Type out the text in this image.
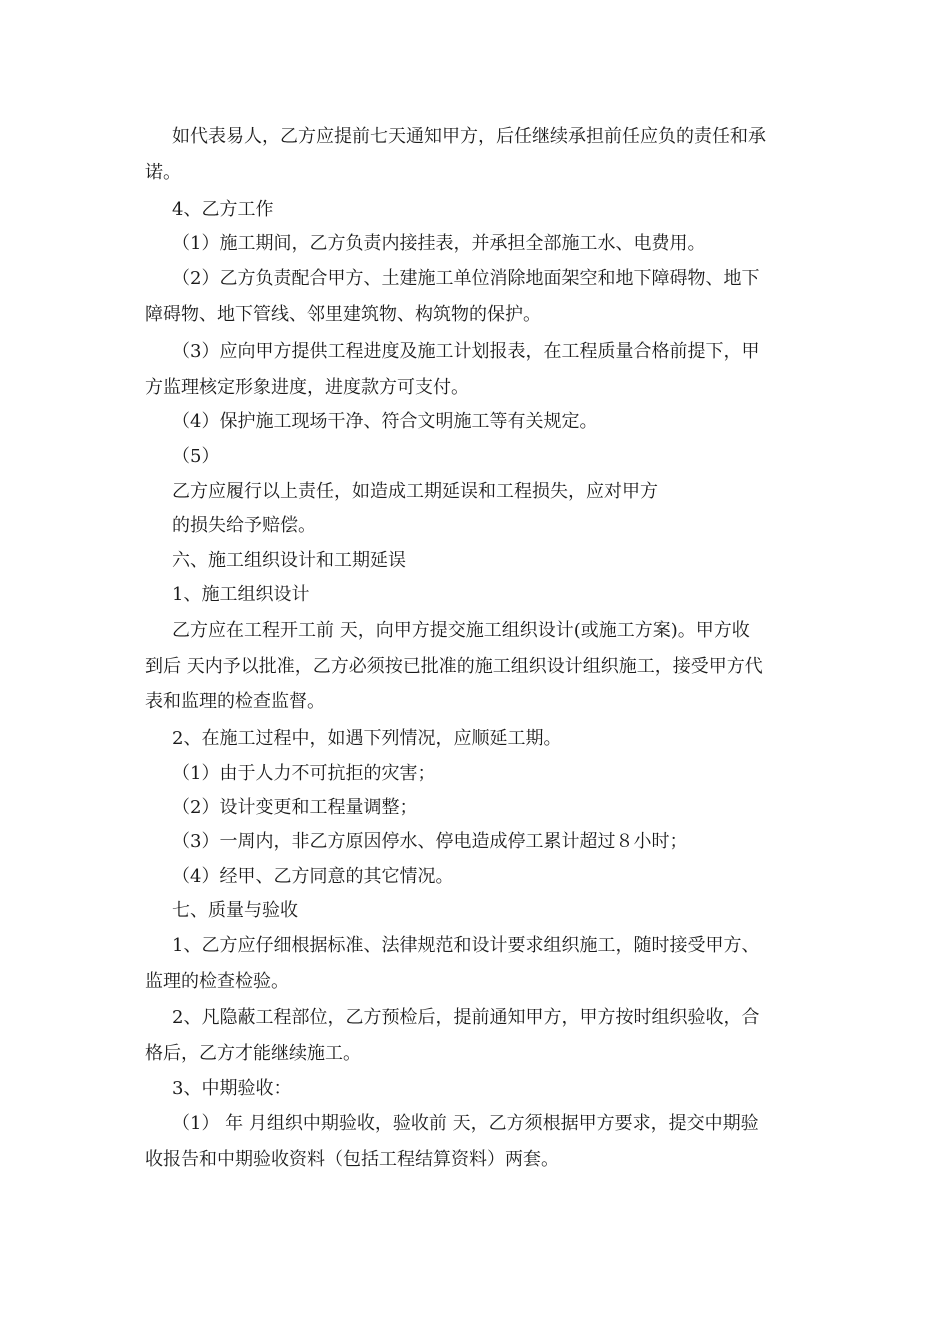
如代表易人，乙方应提前七天通知甲方，后任继续承担前任应负的责任和承
诺。
4、乙方工作
（1）施工期间，乙方负责内接挂表，并承担全部施工水、电费用。
（2）乙方负责配合甲方、土建施工单位消除地面架空和地下障碍物、地下
障碍物、地下管线、邻里建筑物、构筑物的保护。
（3）应向甲方提供工程进度及施工计划报表，在工程质量合格前提下，甲
方监理核定形象进度，进度款方可支付。
（4）保护施工现场干净、符合文明施工等有关规定。
（5）
乙方应履行以上责任，如造成工期延误和工程损失，应对甲方
的损失给予赔偿。
六、施工组织设计和工期延误
1、施工组织设计
乙方应在工程开工前 天，向甲方提交施工组织设计(或施工方案)。甲方收
到后 天内予以批准，乙方必须按已批准的施工组织设计组织施工，接受甲方代
表和监理的检查监督。
2、在施工过程中，如遇下列情况，应顺延工期。
（1）由于人力不可抗拒的灾害；
（2）设计变更和工程量调整；
（3）一周内，非乙方原因停水、停电造成停工累计超过８小时；
（4）经甲、乙方同意的其它情况。
七、质量与验收
1、乙方应仔细根据标准、法律规范和设计要求组织施工，随时接受甲方、
监理的检查检验。
2、凡隐蔽工程部位，乙方预检后，提前通知甲方，甲方按时组织验收，合
格后，乙方才能继续施工。
3、中期验收：
（1） 年 月组织中期验收，验收前 天，乙方须根据甲方要求，提交中期验
收报告和中期验收资料（包括工程结算资料）两套。
